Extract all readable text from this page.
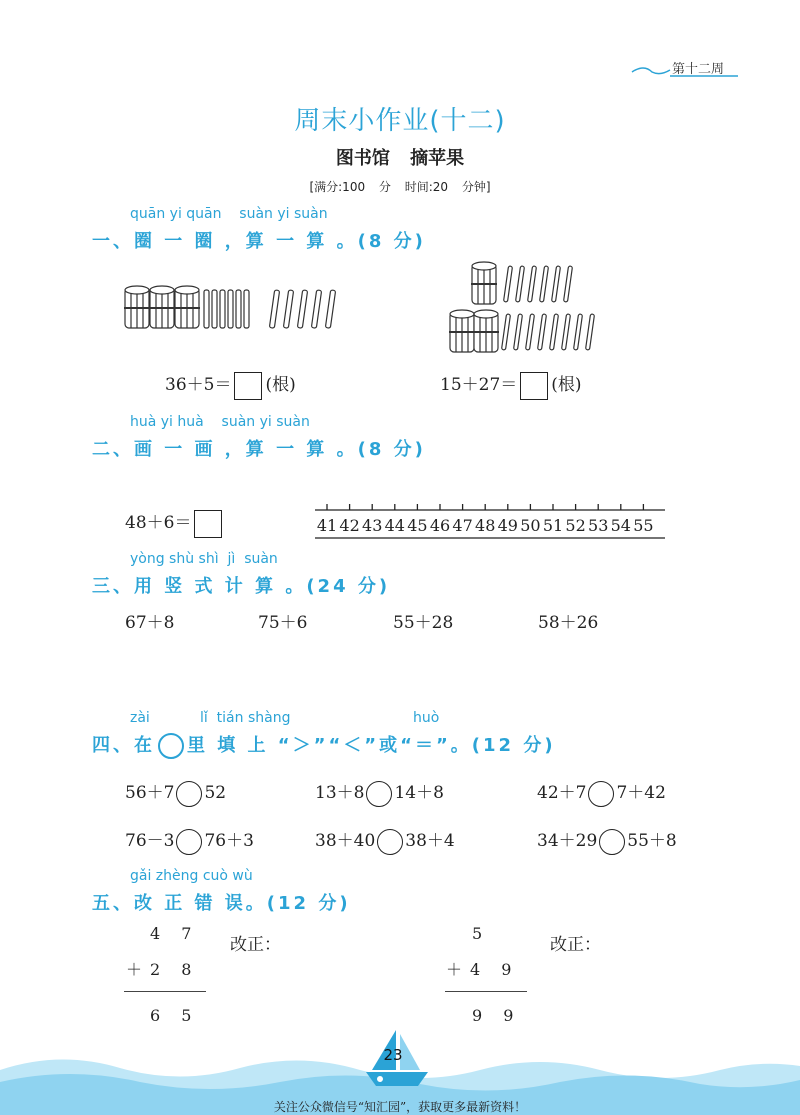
第十二周
周末小作业(十二)
图书馆 摘苹果
[满分:100 分 时间:20 分钟]
quān yi quān    suàn yi suàn
一、圈 一 圈 ，算 一 算 。(8 分)
36＋5＝ (根)	15＋27＝ (根)
huà yi huà    suàn yi suàn
二、画 一 画 ，算 一 算 。(8 分)
48＋6＝	41 42 43 44 45 46 47 48 49 50 51 52 53 54 55
yòng shù shì  jì  suàn
三、用 竖 式 计 算 。(24 分)
67＋8	75＋6	55＋28	58＋26
zài	lǐ  tián shàng	huò
四、在 里 填 上 “＞”“＜”或“＝”。(12 分)
56＋7 52	13＋8 14＋8	42＋7 7＋42
76－3 76＋3	38＋40 38＋4	34＋29 55＋8
gǎi zhèng cuò wù
五、改 正 错 误。(12 分)
4 7
＋2 8
6 5
改正：
5
＋4 9
9 9
改正：
23
关注公众微信号“知汇园”，获取更多最新资料！
